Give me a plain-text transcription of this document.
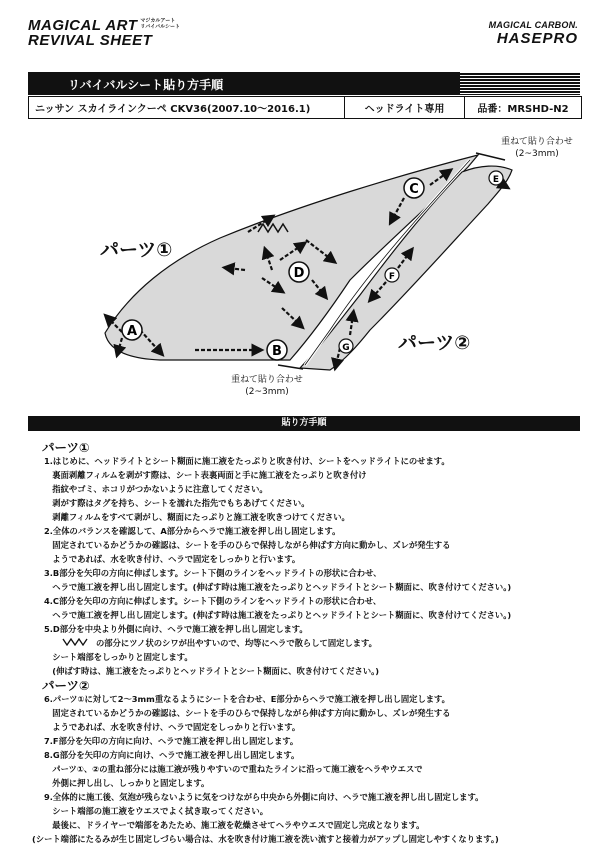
MAGICAL ART マジカルアート
リバイバルシート
REVIVAL SHEET
MAGICAL CARBON.
HASEPRO
リバイバルシート貼り方手順
ニッサン スカイラインクーペ CKV36(2007.10〜2016.1)	ヘッドライト専用	品番：MRSHD-N2
A
B
C
D
E
F
G
重ねて貼り合わせ
(2~3mm)
重ねて貼り合わせ
(2~3mm)
パーツ①
パーツ②
貼り方手順
パーツ①
1.はじめに、ヘッドライトとシート糊面に施工液をたっぷりと吹き付け、シートをヘッドライトにのせます。
　裏面剥離フィルムを剥がす際は、シート表裏両面と手に施工液をたっぷりと吹き付け
　指紋やゴミ、ホコリがつかないように注意してください。
　剥がす際はタグを持ち、シートを濡れた指先でもちあげてください。
　剥離フィルムをすべて剥がし、糊面にたっぷりと施工液を吹きつけてください。
2.全体のバランスを確認して、A部分からヘラで施工液を押し出し固定します。
　固定されているかどうかの確認は、シートを手のひらで保持しながら伸ばす方向に動かし、ズレが発生する
　ようであれば、水を吹き付け、ヘラで固定をしっかりと行います。
3.B部分を矢印の方向に伸ばします。シート下側のラインをヘッドライトの形状に合わせ、
　ヘラで施工液を押し出し固定します。(伸ばす時は施工液をたっぷりとヘッドライトとシート糊面に、吹き付けてください。)
4.C部分を矢印の方向に伸ばします。シート下側のラインをヘッドライトの形状に合わせ、
　ヘラで施工液を押し出し固定します。(伸ばす時は施工液をたっぷりとヘッドライトとシート糊面に、吹き付けてください。)
5.D部分を中央より外側に向け、ヘラで施工液を押し出し固定します。
の部分にツノ状のシワが出やすいので、均等にヘラで散らして固定します。
　シート端部をしっかりと固定します。
　(伸ばす時は、施工液をたっぷりとヘッドライトとシート糊面に、吹き付けてください。)
パーツ②
6.パーツ①に対して2〜3mm重なるようにシートを合わせ、E部分からヘラで施工液を押し出し固定します。
　固定されているかどうかの確認は、シートを手のひらで保持しながら伸ばす方向に動かし、ズレが発生する
　ようであれば、水を吹き付け、ヘラで固定をしっかりと行います。
7.F部分を矢印の方向に向け、ヘラで施工液を押し出し固定します。
8.G部分を矢印の方向に向け、ヘラで施工液を押し出し固定します。
　パーツ①、②の重ね部分には施工液が残りやすいので重ねたラインに沿って施工液をヘラやウエスで
　外側に押し出し、しっかりと固定します。
9.全体的に施工後、気泡が残らないように気をつけながら中央から外側に向け、ヘラで施工液を押し出し固定します。
　シート端部の施工液をウエスでよく拭き取ってください。
　最後に、ドライヤーで端部をあたため、施工液を乾燥させてヘラやウエスで固定し完成となります。
(シート端部にたるみが生じ固定しづらい場合は、水を吹き付け施工液を洗い流すと接着力がアップし固定しやすくなります。)
